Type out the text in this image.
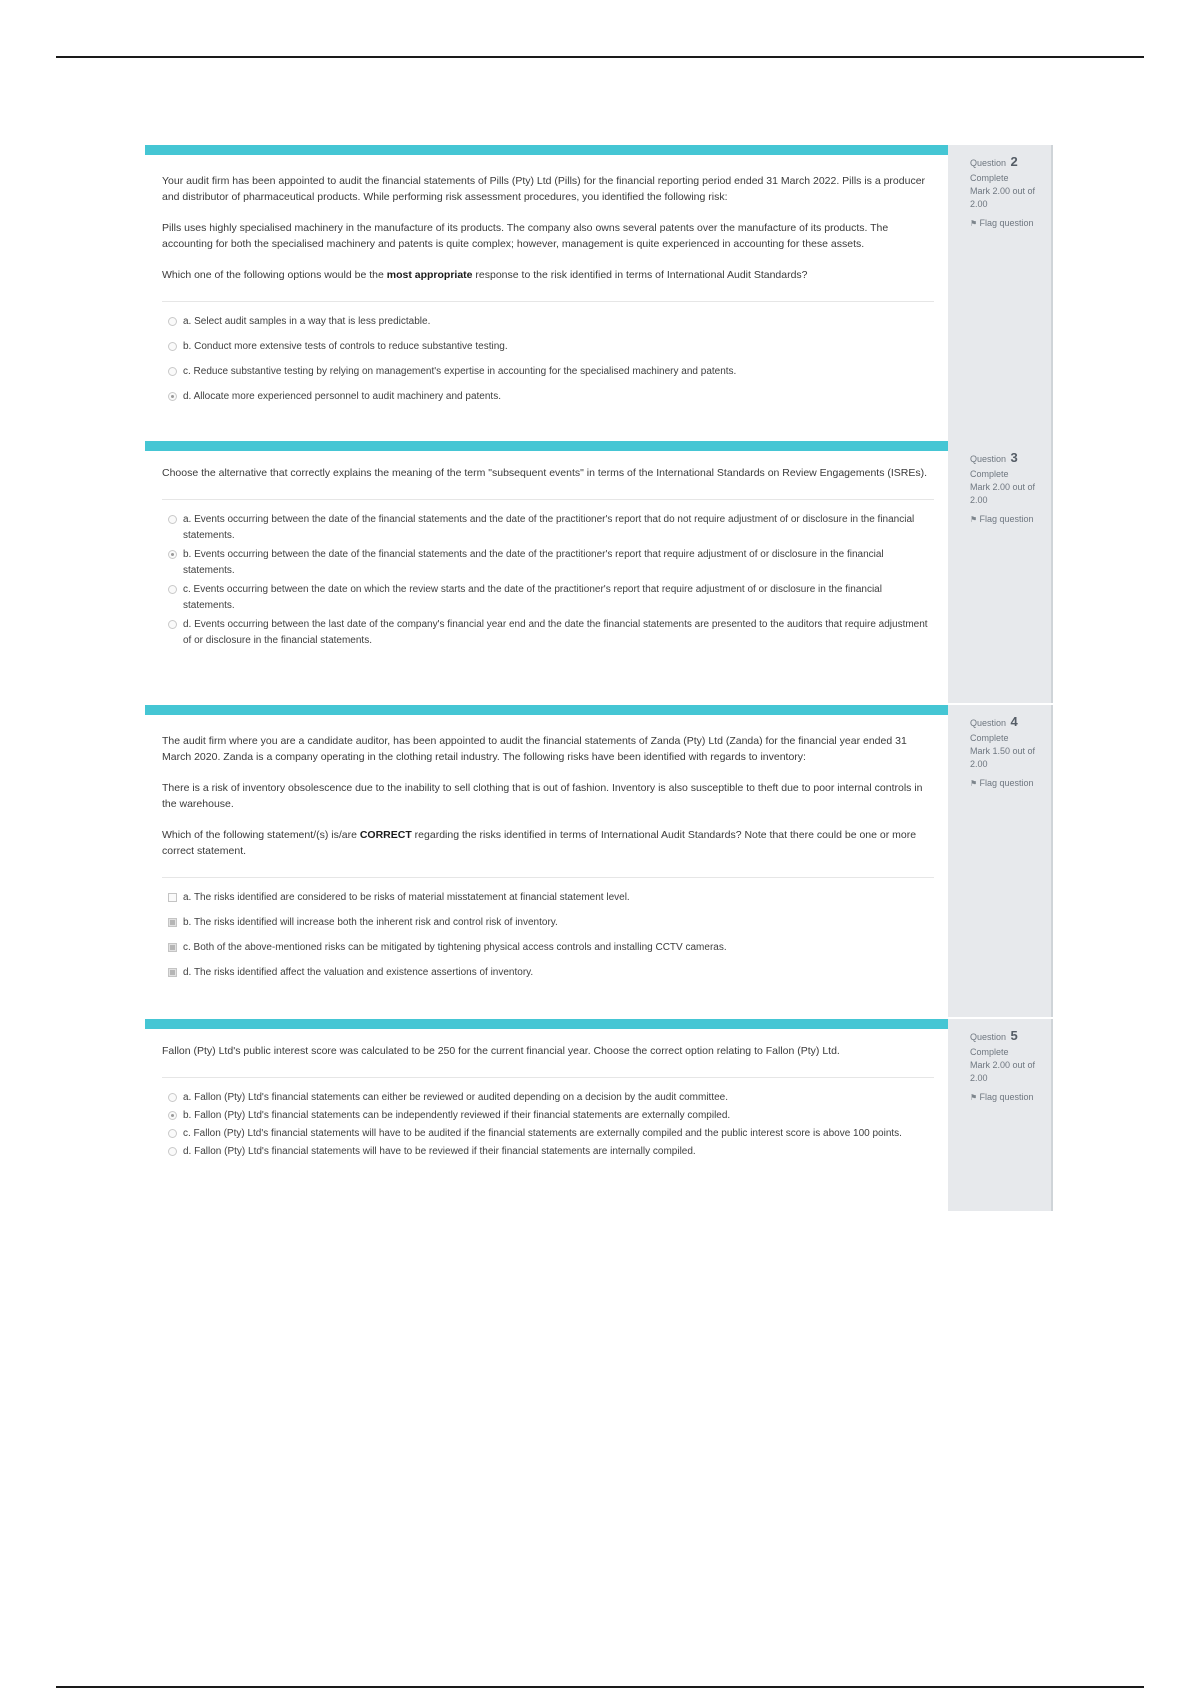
Your audit firm has been appointed to audit the financial statements of Pills (Pty) Ltd (Pills) for the financial reporting period ended 31 March 2022. Pills is a producer and distributor of pharmaceutical products. While performing risk assessment procedures, you identified the following risk:

Pills uses highly specialised machinery in the manufacture of its products. The company also owns several patents over the manufacture of its products. The accounting for both the specialised machinery and patents is quite complex; however, management is quite experienced in accounting for these assets.

Which one of the following options would be the most appropriate response to the risk identified in terms of International Audit Standards?

a. Select audit samples in a way that is less predictable.
b. Conduct more extensive tests of controls to reduce substantive testing.
c. Reduce substantive testing by relying on management's expertise in accounting for the specialised machinery and patents.
d. Allocate more experienced personnel to audit machinery and patents.
Question 2
Complete
Mark 2.00 out of 2.00
⚑ Flag question

Choose the alternative that correctly explains the meaning of the term "subsequent events" in terms of the International Standards on Review Engagements (ISREs).

a. Events occurring between the date of the financial statements and the date of the practitioner's report that do not require adjustment of or disclosure in the financial statements.
b. Events occurring between the date of the financial statements and the date of the practitioner's report that require adjustment of or disclosure in the financial statements.
c. Events occurring between the date on which the review starts and the date of the practitioner's report that require adjustment of or disclosure in the financial statements.
d. Events occurring between the last date of the company's financial year end and the date the financial statements are presented to the auditors that require adjustment of or disclosure in the financial statements.
Question 3
Complete
Mark 2.00 out of 2.00
⚑ Flag question

The audit firm where you are a candidate auditor, has been appointed to audit the financial statements of Zanda (Pty) Ltd (Zanda) for the financial year ended 31 March 2020. Zanda is a company operating in the clothing retail industry. The following risks have been identified with regards to inventory:

There is a risk of inventory obsolescence due to the inability to sell clothing that is out of fashion. Inventory is also susceptible to theft due to poor internal controls in the warehouse.

Which of the following statement/(s) is/are CORRECT regarding the risks identified in terms of International Audit Standards? Note that there could be one or more correct statement.

a. The risks identified are considered to be risks of material misstatement at financial statement level.
b. The risks identified will increase both the inherent risk and control risk of inventory.
c. Both of the above-mentioned risks can be mitigated by tightening physical access controls and installing CCTV cameras.
d. The risks identified affect the valuation and existence assertions of inventory.
Question 4
Complete
Mark 1.50 out of 2.00
⚑ Flag question

Fallon (Pty) Ltd's public interest score was calculated to be 250 for the current financial year. Choose the correct option relating to Fallon (Pty) Ltd.

a. Fallon (Pty) Ltd's financial statements can either be reviewed or audited depending on a decision by the audit committee.
b. Fallon (Pty) Ltd's financial statements can be independently reviewed if their financial statements are externally compiled.
c. Fallon (Pty) Ltd's financial statements will have to be audited if the financial statements are externally compiled and the public interest score is above 100 points.
d. Fallon (Pty) Ltd's financial statements will have to be reviewed if their financial statements are internally compiled.
Question 5
Complete
Mark 2.00 out of 2.00
⚑ Flag question
